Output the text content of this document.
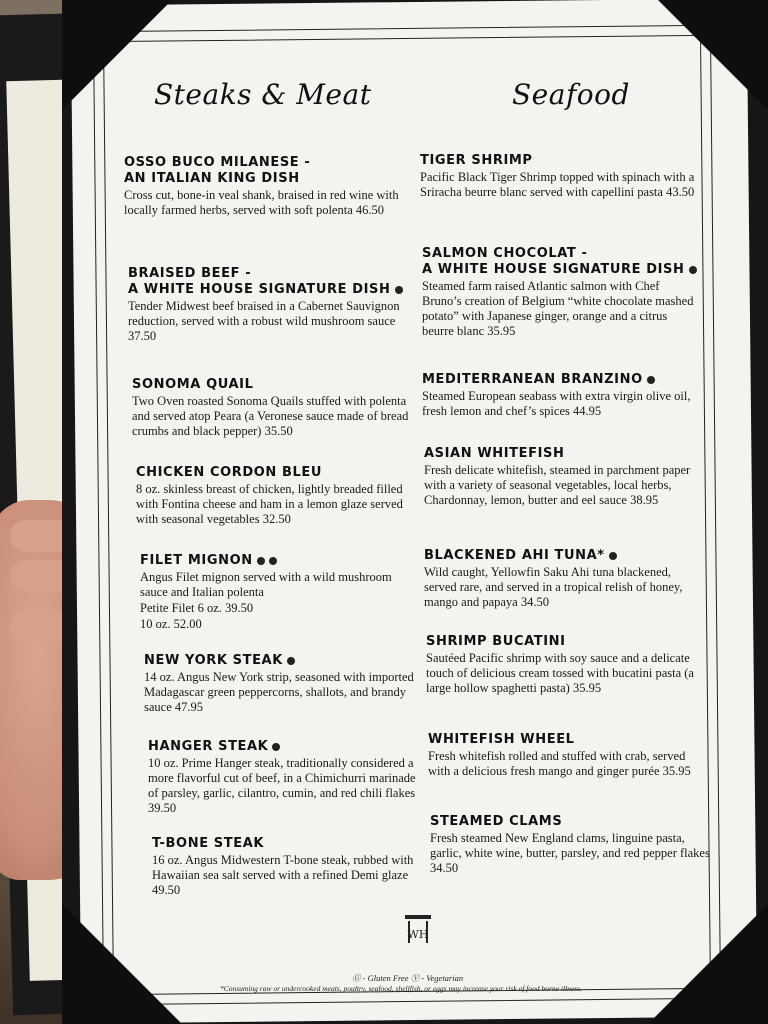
Steaks & Meat	Seafood
OSSO BUCO MILANESE -
AN ITALIAN KING DISH
Cross cut, bone-in veal shank, braised in red wine with locally farmed herbs, served with soft polenta 46.50
BRAISED BEEF -
A WHITE HOUSE SIGNATURE DISH
Tender Midwest beef braised in a Cabernet Sauvignon reduction, served with a robust wild mushroom sauce 37.50
SONOMA QUAIL
Two Oven roasted Sonoma Quails stuffed with polenta and served atop Peara (a Veronese sauce made of bread crumbs and black pepper) 35.50
CHICKEN CORDON BLEU
8 oz. skinless breast of chicken, lightly breaded filled with Fontina cheese and ham in a lemon glaze served with seasonal vegetables 32.50
FILET MIGNON
Angus Filet mignon served with a wild mushroom sauce and Italian polenta
Petite Filet 6 oz. 39.50
10 oz. 52.00
NEW YORK STEAK
14 oz. Angus New York strip, seasoned with imported Madagascar green peppercorns, shallots, and brandy sauce 47.95
HANGER STEAK
10 oz. Prime Hanger steak, traditionally considered a more flavorful cut of beef, in a Chimichurri marinade of parsley, garlic, cilantro, cumin, and red chili flakes 39.50
T-BONE STEAK
16 oz. Angus Midwestern T-bone steak, rubbed with Hawaiian sea salt served with a refined Demi glaze 49.50
TIGER SHRIMP
Pacific Black Tiger Shrimp topped with spinach with a Sriracha beurre blanc served with capellini pasta 43.50
SALMON CHOCOLAT -
A WHITE HOUSE SIGNATURE DISH
Steamed farm raised Atlantic salmon with Chef Bruno’s creation of Belgium “white chocolate mashed potato” with Japanese ginger, orange and a citrus beurre blanc 35.95
MEDITERRANEAN BRANZINO
Steamed European seabass with extra virgin olive oil, fresh lemon and chef’s spices 44.95
ASIAN WHITEFISH
Fresh delicate whitefish, steamed in parchment paper with a variety of seasonal vegetables, local herbs, Chardonnay, lemon, butter and eel sauce 38.95
BLACKENED AHI TUNA*
Wild caught, Yellowfin Saku Ahi tuna blackened, served rare, and served in a tropical relish of honey, mango and papaya 34.50
SHRIMP BUCATINI
Sautéed Pacific shrimp with soy sauce and a delicate touch of delicious cream tossed with bucatini pasta (a large hollow spaghetti pasta) 35.95
WHITEFISH WHEEL
Fresh whitefish rolled and stuffed with crab, served with a delicious fresh mango and ginger purée 35.95
STEAMED CLAMS
Fresh steamed New England clams, linguine pasta, garlic, white wine, butter, parsley, and red pepper flakes 34.50
WH
Ⓖ - Gluten Free Ⓥ - Vegetarian
*Consuming raw or undercooked meats, poultry, seafood, shellfish, or eggs may increase your risk of food borne illness.
